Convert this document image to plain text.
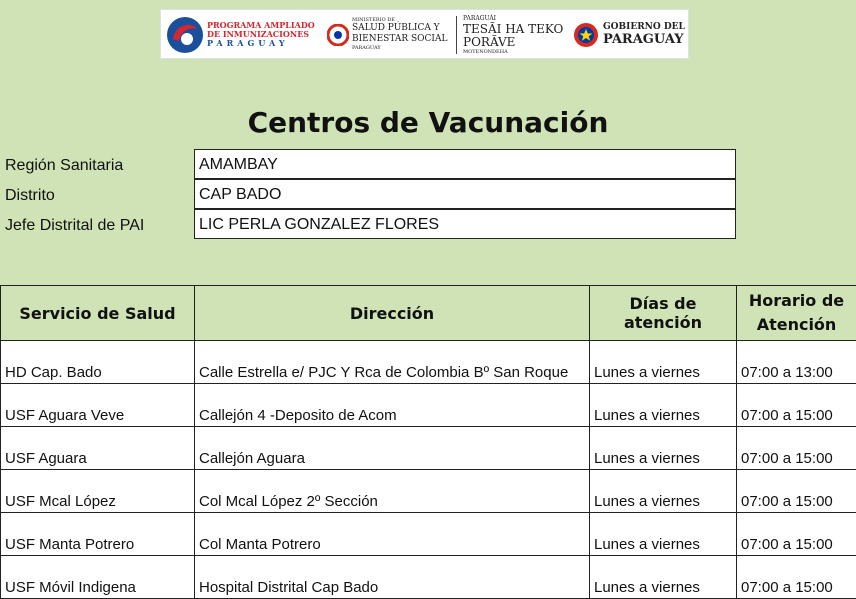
PROGRAMA AMPLIADO
DE INMUNIZACIONES
PARAGUAY
MINISTERIO DE
SALUD PÚBLICA Y
BIENESTAR SOCIAL
PARAGUAY
PARAGUÁI
TESÃI HA TEKO
PORÃVE
MOTENONDEHA
GOBIERNO DEL
PARAGUAY
Centros de Vacunación
Región Sanitaria	AMAMBAY
Distrito	CAP BADO
Jefe Distrital de PAI	LIC PERLA GONZALEZ FLORES
Servicio de Salud	Dirección	Días de atención	Horario de
Atención

HD Cap. Bado	Calle Estrella e/ PJC Y Rca de Colombia Bº San Roque	Lunes a viernes	07:00 a 13:00
USF Aguara Veve	Callejón 4 -Deposito de Acom	Lunes a viernes	07:00 a 15:00
USF Aguara	Callejón Aguara	Lunes a viernes	07:00 a 15:00
USF Mcal López	Col Mcal López 2º Sección	Lunes a viernes	07:00 a 15:00
USF Manta Potrero	Col Manta Potrero	Lunes a viernes	07:00 a 15:00
USF Móvil Indigena	Hospital Distrital Cap Bado	Lunes a viernes	07:00 a 15:00
